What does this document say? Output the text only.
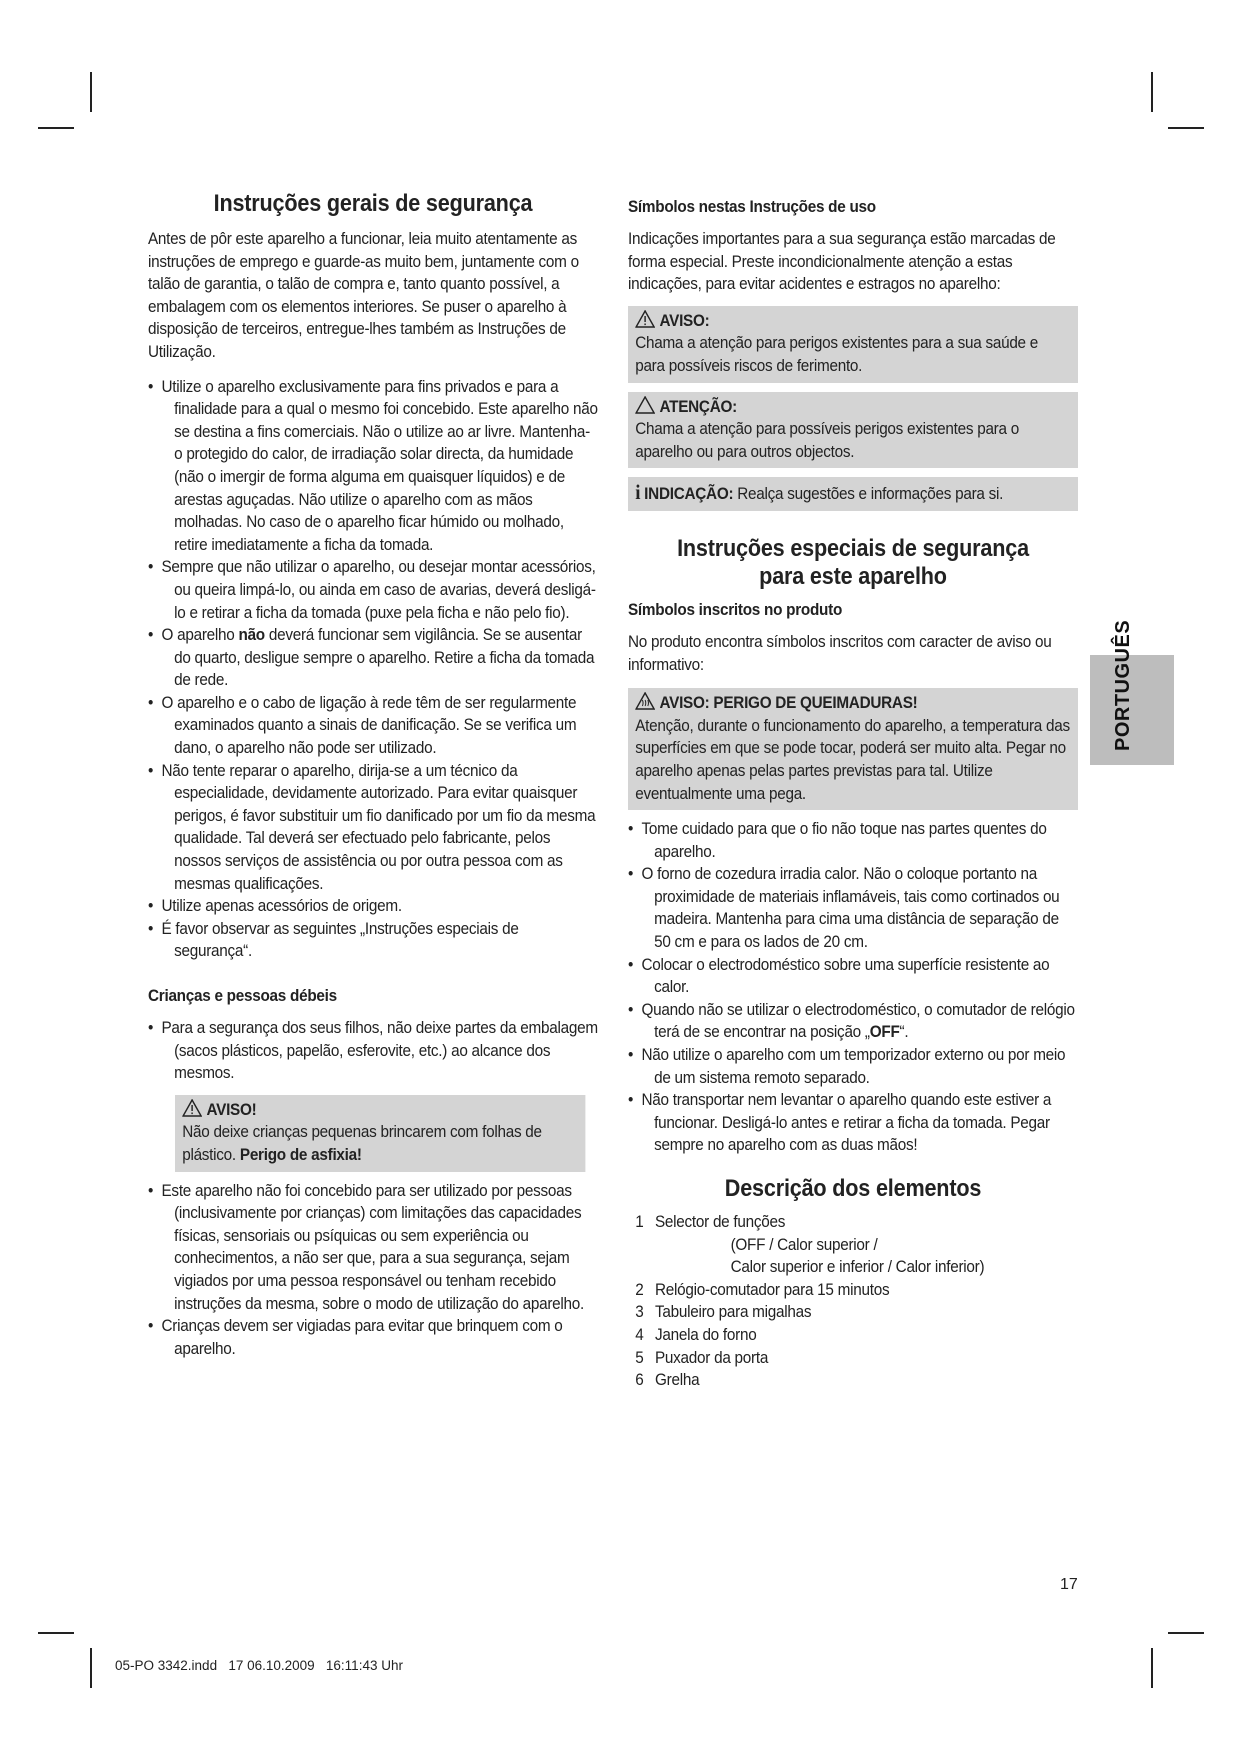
Instruções gerais de segurança

Antes de pôr este aparelho a funcionar, leia muito atentamente as instruções de emprego e guarde-as muito bem, juntamente com o talão de garantia, o talão de compra e, tanto quanto possível, a embalagem com os elementos interiores. Se puser o aparelho à disposição de terceiros, entregue-lhes também as Instruções de Utilização.

• Utilize o aparelho exclusivamente para fins privados e para a finalidade para a qual o mesmo foi concebido. Este aparelho não se destina a fins comerciais. Não o utilize ao ar livre. Mantenha-o protegido do calor, de irradiação solar directa, da humidade (não o imergir de forma alguma em quaisquer líquidos) e de arestas aguçadas. Não utilize o aparelho com as mãos molhadas. No caso de o aparelho ficar húmido ou molhado, retire imediatamente a ficha da tomada.
• Sempre que não utilizar o aparelho, ou desejar montar acessórios, ou queira limpá-lo, ou ainda em caso de avarias, deverá desligá-lo e retirar a ficha da tomada (puxe pela ficha e não pelo fio).
• O aparelho não deverá funcionar sem vigilância. Se se ausentar do quarto, desligue sempre o aparelho. Retire a ficha da tomada de rede.
• O aparelho e o cabo de ligação à rede têm de ser regularmente examinados quanto a sinais de danificação. Se se verifica um dano, o aparelho não pode ser utilizado.
• Não tente reparar o aparelho, dirija-se a um técnico da especialidade, devidamente autorizado. Para evitar quaisquer perigos, é favor substituir um fio danificado por um fio da mesma qualidade. Tal deverá ser efectuado pelo fabricante, pelos nossos serviços de assistência ou por outra pessoa com as mesmas qualificações.
• Utilize apenas acessórios de origem.
• É favor observar as seguintes „Instruções especiais de segurança“.
Crianças e pessoas débeis
• Para a segurança dos seus filhos, não deixe partes da embalagem (sacos plásticos, papelão, esferovite, etc.) ao alcance dos mesmos.
AVISO!

Não deixe crianças pequenas brincarem com folhas de plástico. Perigo de asfixia!

• Este aparelho não foi concebido para ser utilizado por pessoas (inclusivamente por crianças) com limitações das capacidades físicas, sensoriais ou psíquicas ou sem experiência ou conhecimentos, a não ser que, para a sua segurança, sejam vigiados por uma pessoa responsável ou tenham recebido instruções da mesma, sobre o modo de utilização do aparelho.
• Crianças devem ser vigiadas para evitar que brinquem com o aparelho.
Símbolos nestas Instruções de uso

Indicações importantes para a sua segurança estão marcadas de forma especial. Preste incondicionalmente atenção a estas indicações, para evitar acidentes e estragos no aparelho:

AVISO:

Chama a atenção para perigos existentes para a sua saúde e para possíveis riscos de ferimento.

ATENÇÃO:

Chama a atenção para possíveis perigos existentes para o aparelho ou para outros objectos.

i INDICAÇÃO: Realça sugestões e informações para si.

Instruções especiais de segurança
para este aparelho
Símbolos inscritos no produto

No produto encontra símbolos inscritos com caracter de aviso ou informativo:

AVISO: PERIGO DE QUEIMADURAS!

Atenção, durante o funcionamento do aparelho, a temperatura das superfícies em que se pode tocar, poderá ser muito alta. Pegar no aparelho apenas pelas partes previstas para tal. Utilize eventualmente uma pega.

• Tome cuidado para que o fio não toque nas partes quentes do aparelho.
• O forno de cozedura irradia calor. Não o coloque portanto na proximidade de materiais inflamáveis, tais como cortinados ou madeira. Mantenha para cima uma distância de separação de 50 cm e para os lados de 20 cm.
• Colocar o electrodoméstico sobre uma superfície resistente ao calor.
• Quando não se utilizar o electrodoméstico, o comutador de relógio terá de se encontrar na posição „OFF“.
• Não utilize o aparelho com um temporizador externo ou por meio de um sistema remoto separado.
• Não transportar nem levantar o aparelho quando este estiver a funcionar. Desligá-lo antes e retirar a ficha da tomada. Pegar sempre no aparelho com as duas mãos!
Descrição dos elementos
1 Selector de funções
(OFF / Calor superior /
Calor superior e inferior / Calor inferior)
2 Relógio-comutador para 15 minutos
3 Tabuleiro para migalhas
4 Janela do forno
5 Puxador da porta
6 Grelha
PORTUGUÊS
17
05-PO 3342.indd   17 06.10.2009   16:11:43 Uhr
